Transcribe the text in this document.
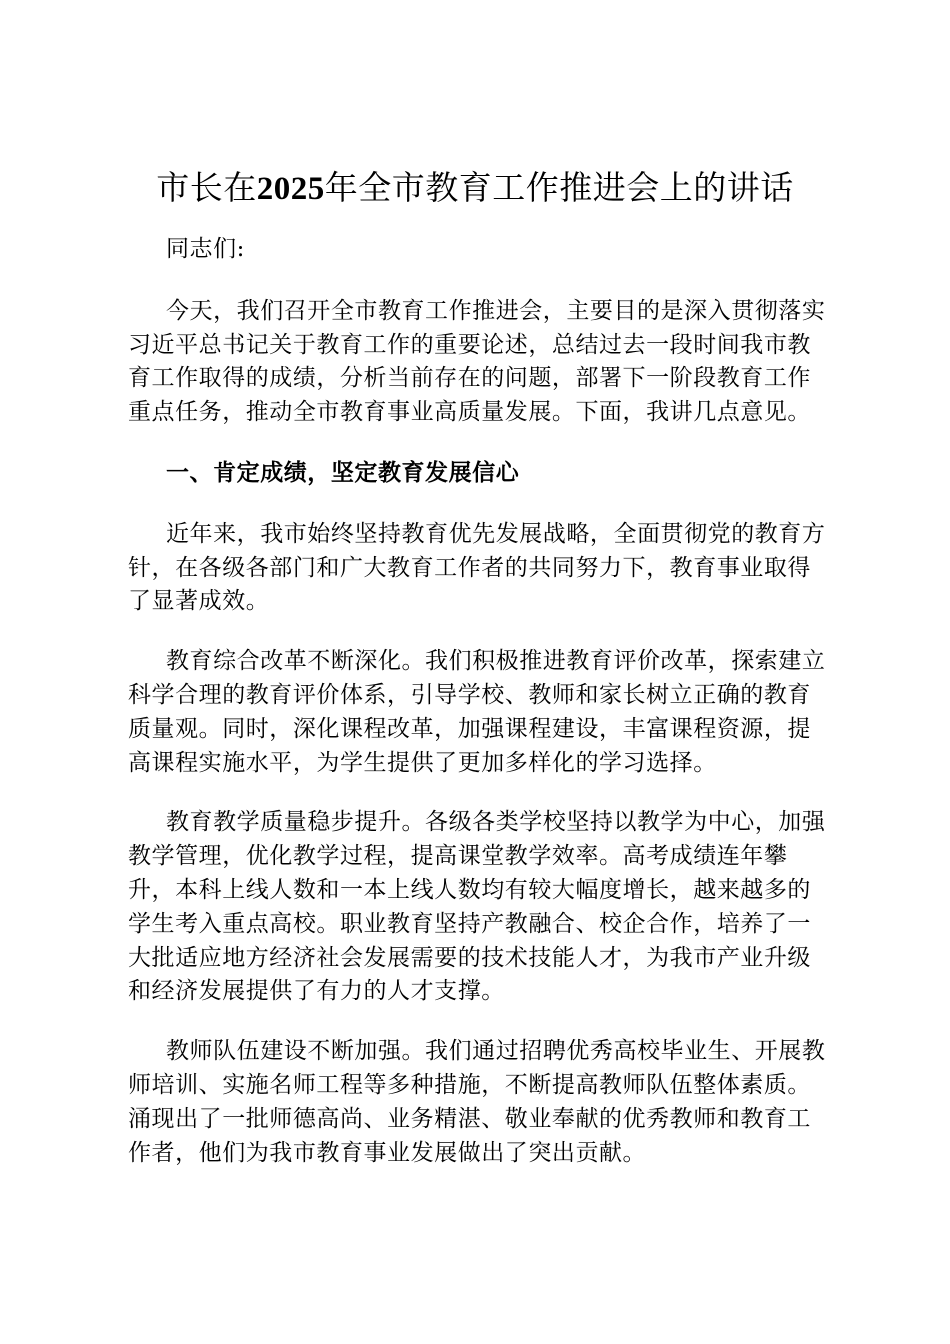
市长在2025年全市教育工作推进会上的讲话

同志们:

今天，我们召开全市教育工作推进会，主要目的是深入贯彻落实习近平总书记关于教育工作的重要论述，总结过去一段时间我市教育工作取得的成绩，分析当前存在的问题，部署下一阶段教育工作重点任务，推动全市教育事业高质量发展。下面，我讲几点意见。

一、肯定成绩，坚定教育发展信心

近年来，我市始终坚持教育优先发展战略，全面贯彻党的教育方针，在各级各部门和广大教育工作者的共同努力下，教育事业取得了显著成效。

教育综合改革不断深化。我们积极推进教育评价改革，探索建立科学合理的教育评价体系，引导学校、教师和家长树立正确的教育质量观。同时，深化课程改革，加强课程建设，丰富课程资源，提高课程实施水平，为学生提供了更加多样化的学习选择。

教育教学质量稳步提升。各级各类学校坚持以教学为中心，加强教学管理，优化教学过程，提高课堂教学效率。高考成绩连年攀升，本科上线人数和一本上线人数均有较大幅度增长，越来越多的学生考入重点高校。职业教育坚持产教融合、校企合作，培养了一大批适应地方经济社会发展需要的技术技能人才，为我市产业升级和经济发展提供了有力的人才支撑。

教师队伍建设不断加强。我们通过招聘优秀高校毕业生、开展教师培训、实施名师工程等多种措施，不断提高教师队伍整体素质。涌现出了一批师德高尚、业务精湛、敬业奉献的优秀教师和教育工作者，他们为我市教育事业发展做出了突出贡献。
